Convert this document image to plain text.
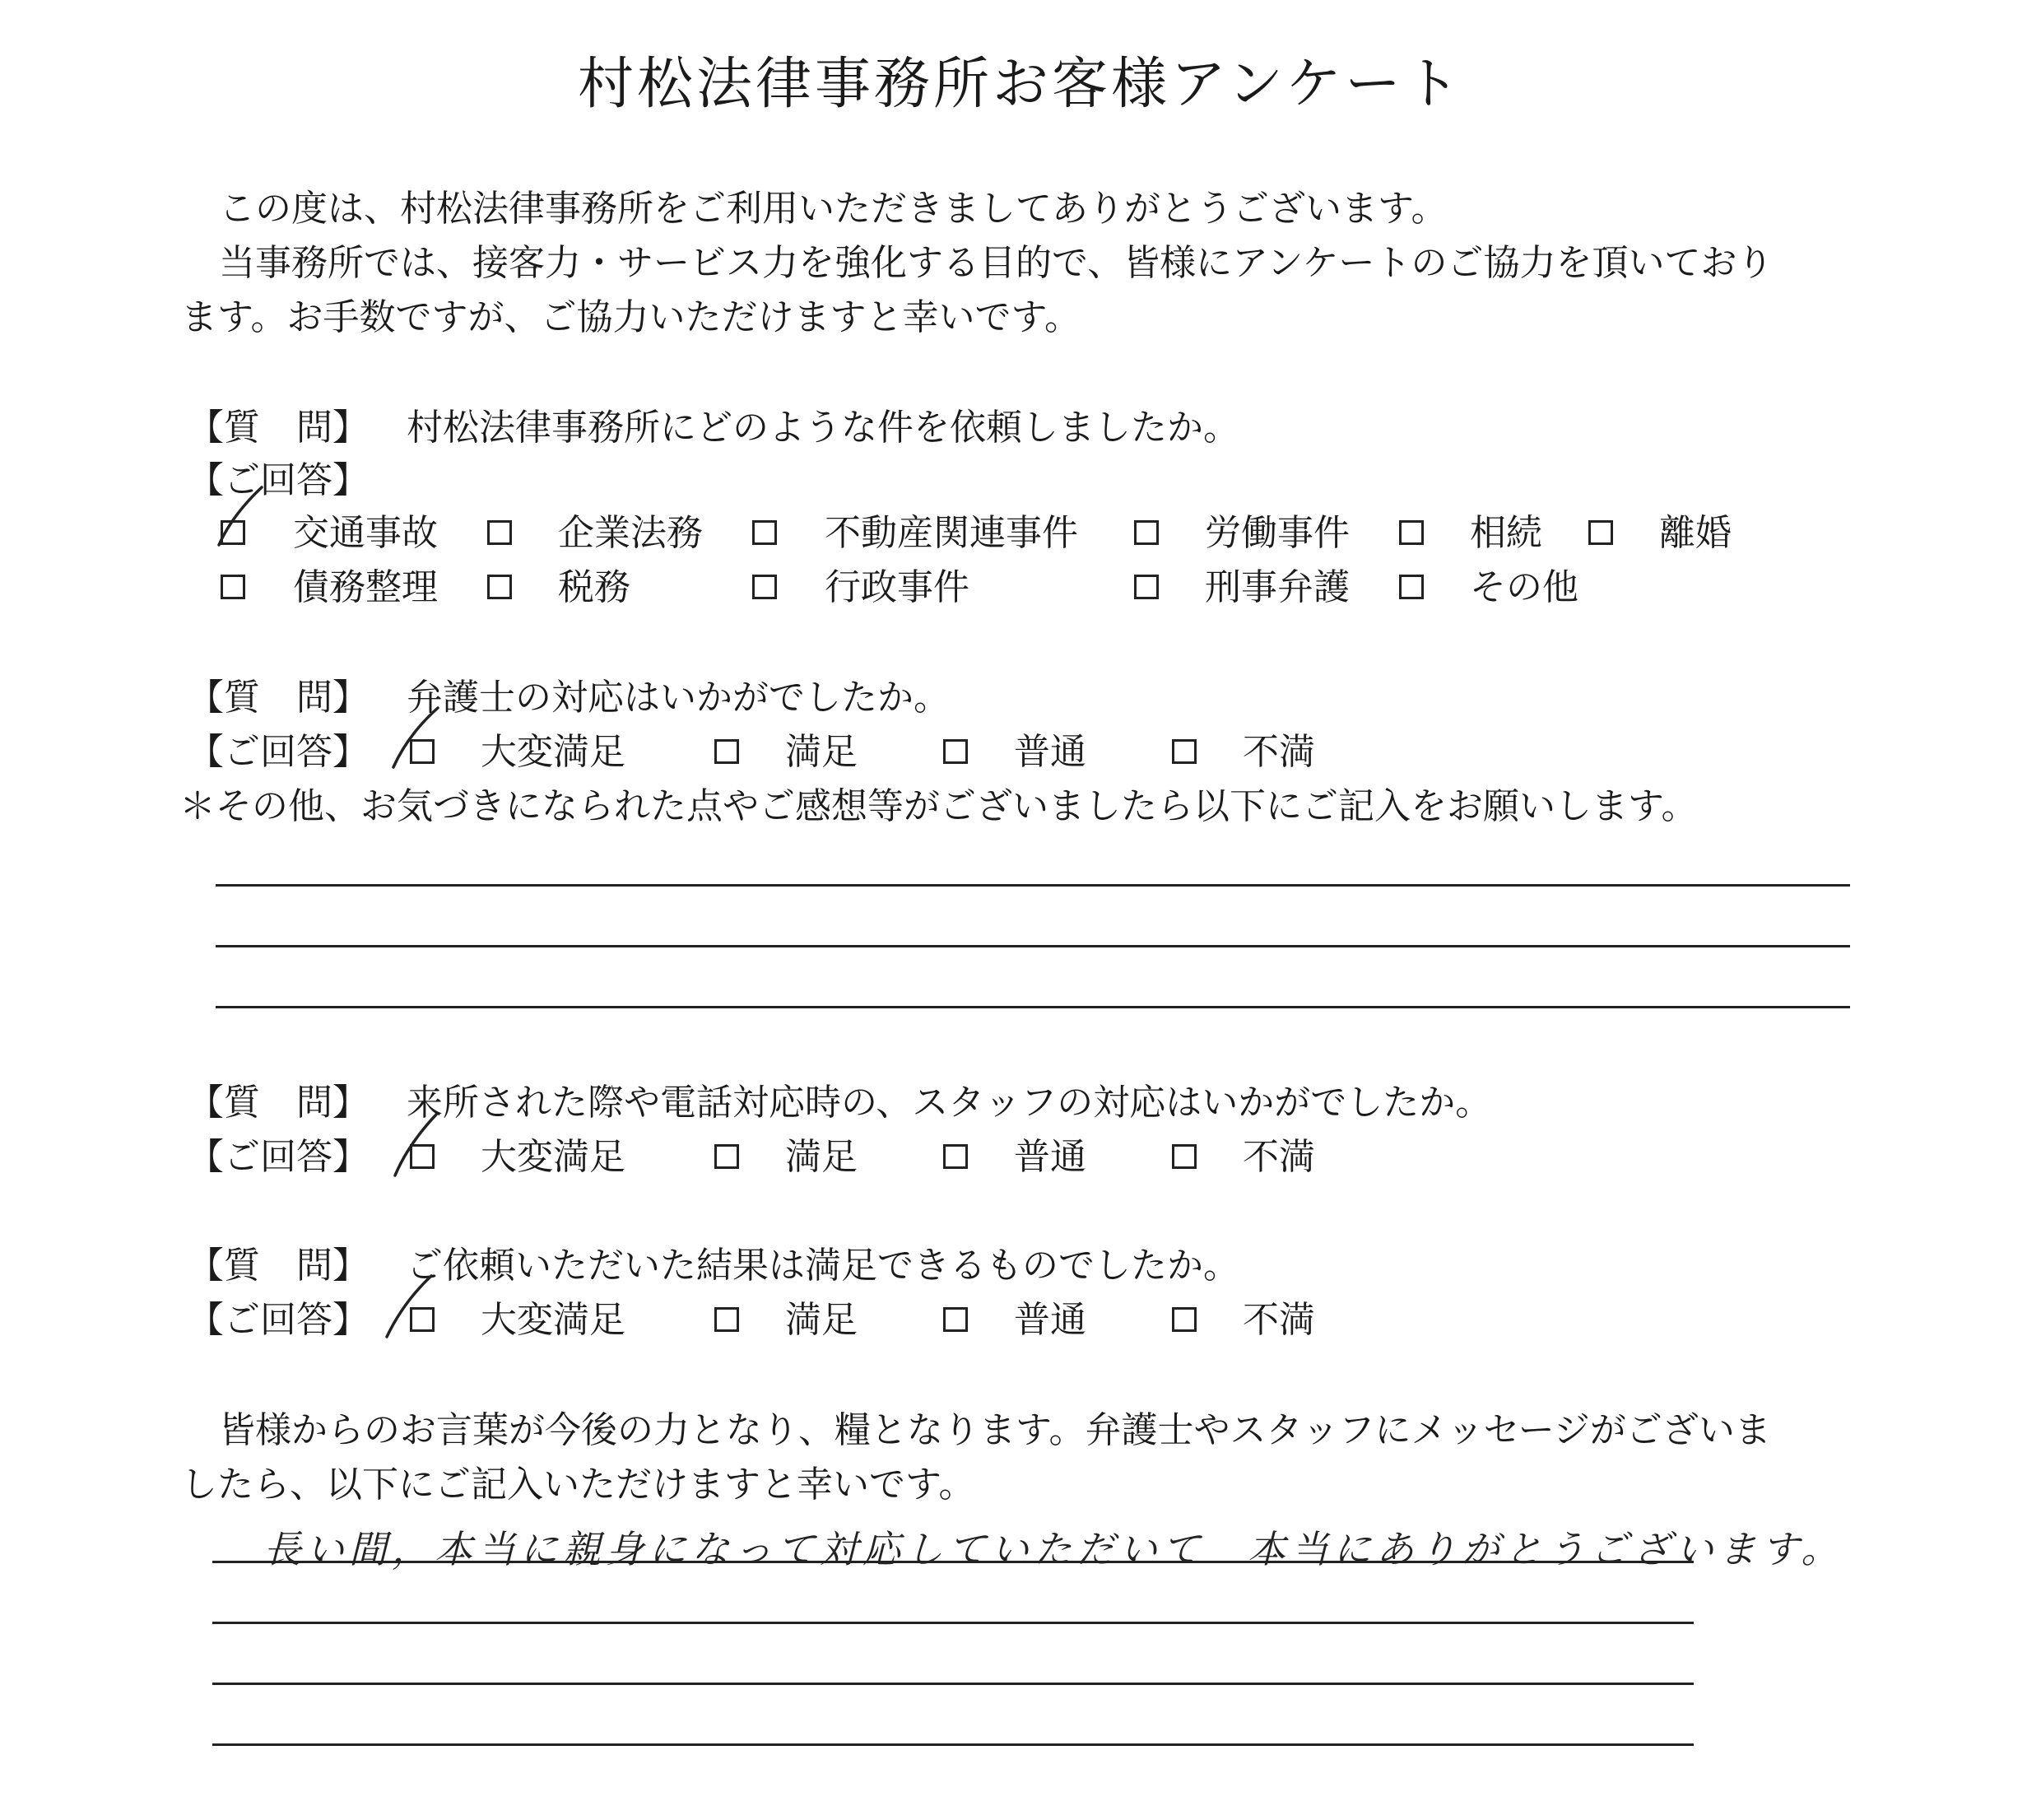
村松法律事務所お客様アンケート
この度は、村松法律事務所をご利用いただきましてありがとうございます。
当事務所では、接客力・サービス力を強化する目的で、皆様にアンケートのご協力を頂いており
ます。お手数ですが、ご協力いただけますと幸いです。
【質　問】 村松法律事務所にどのような件を依頼しましたか。
【ご回答】
交通事故	企業法務	不動産関連事件	労働事件	相続	離婚
債務整理	税務	行政事件	刑事弁護	その他
【質　問】 弁護士の対応はいかがでしたか。
【ご回答】	大変満足	満足	普通	不満
＊その他、お気づきになられた点やご感想等がございましたら以下にご記入をお願いします。
【質　問】 来所された際や電話対応時の、スタッフの対応はいかがでしたか。
【ご回答】	大変満足	満足	普通	不満
【質　問】 ご依頼いただいた結果は満足できるものでしたか。
【ご回答】	大変満足	満足	普通	不満
皆様からのお言葉が今後の力となり、糧となります。弁護士やスタッフにメッセージがございま
したら、以下にご記入いただけますと幸いです。
長い間，本当に親身になって対応していただいて　本当にありがとうございます。
